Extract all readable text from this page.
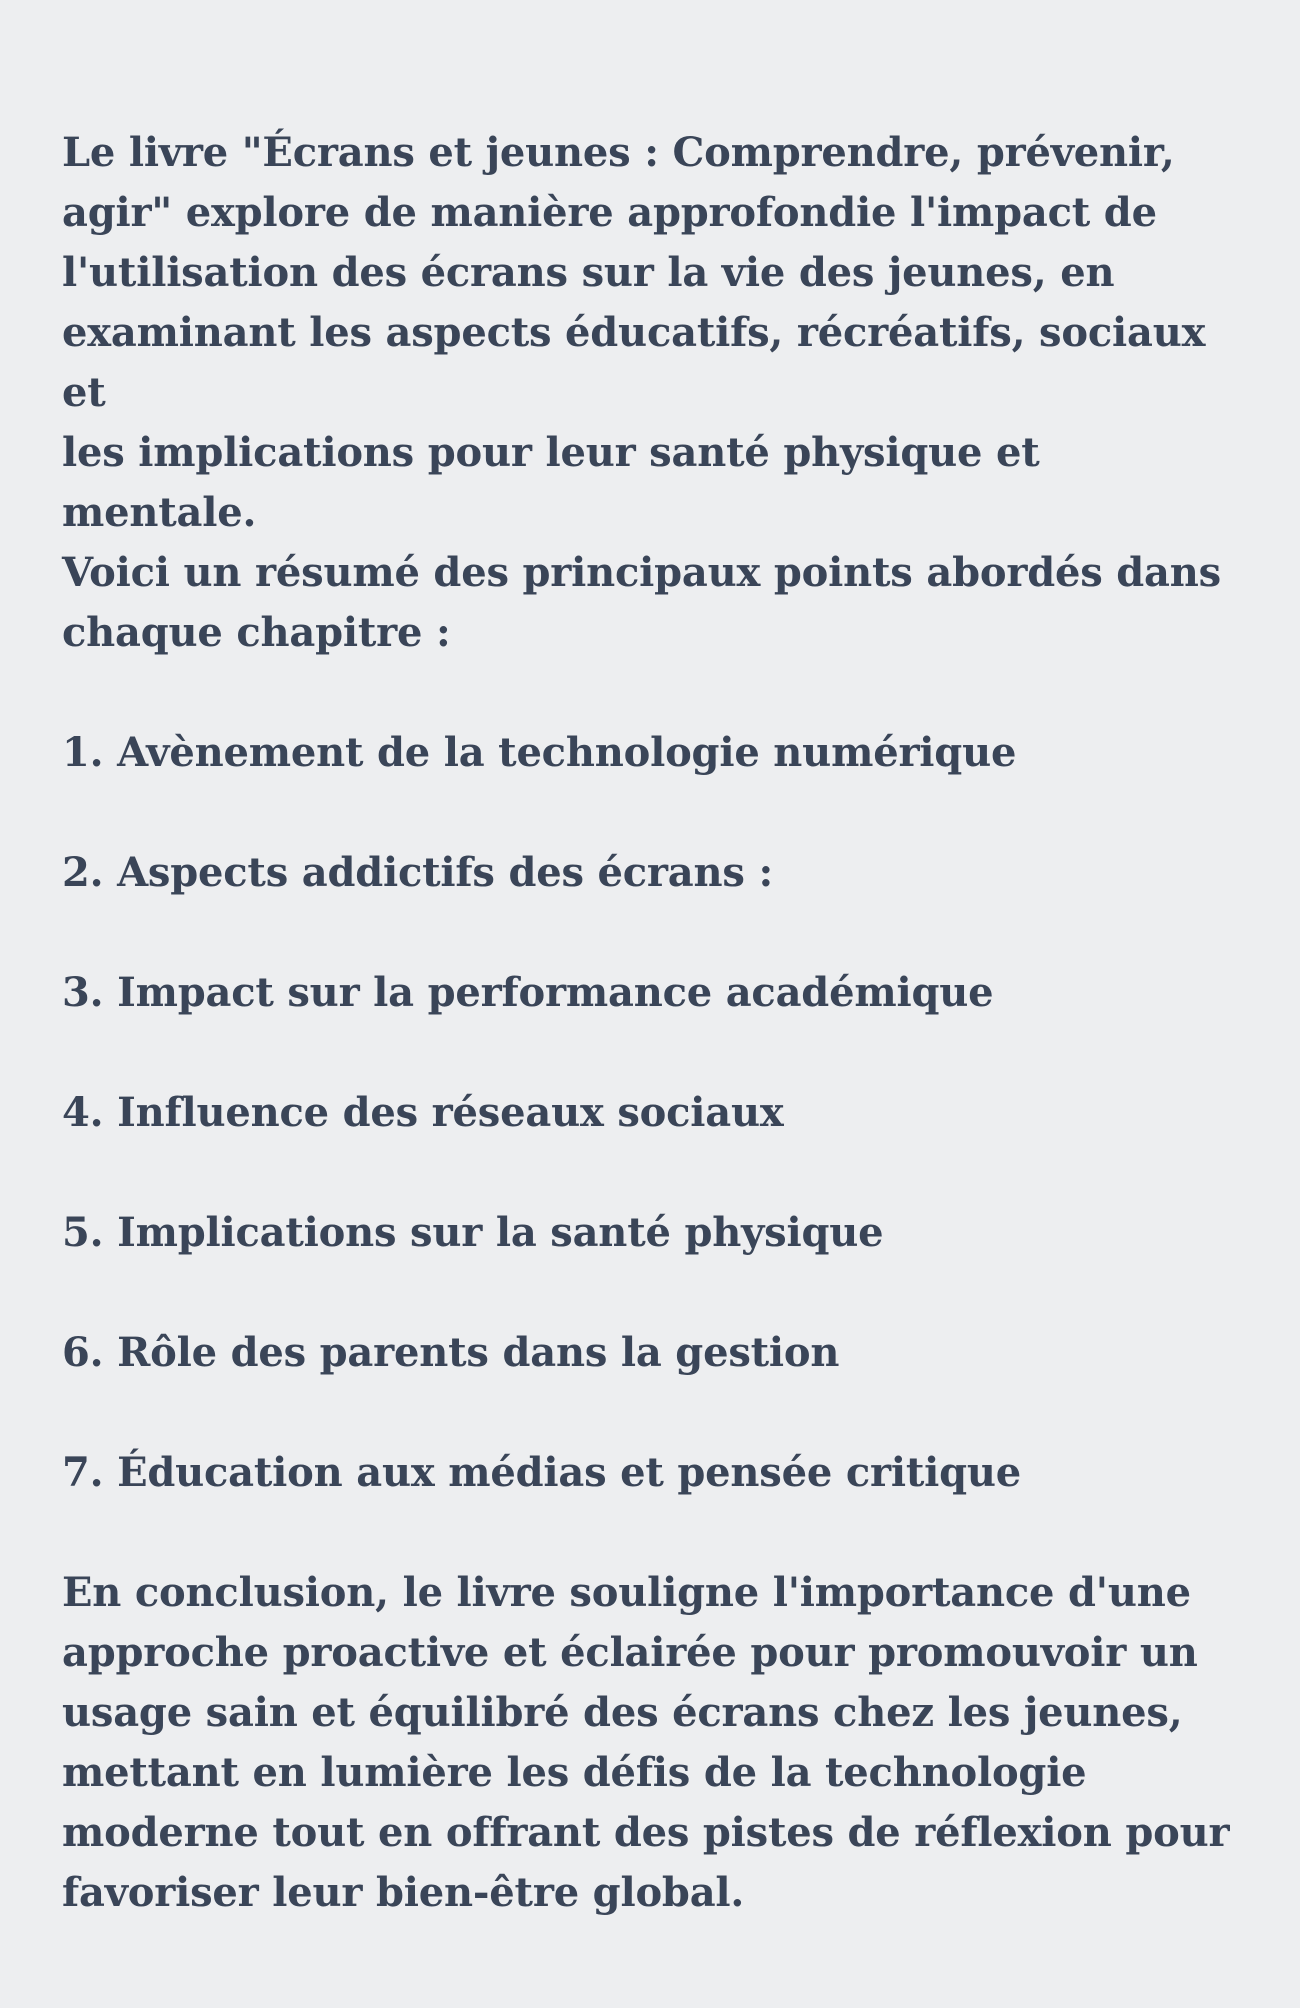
Le livre "Écrans et jeunes : Comprendre, prévenir,
agir" explore de manière approfondie l'impact de
l'utilisation des écrans sur la vie des jeunes, en
examinant les aspects éducatifs, récréatifs, sociaux et
les implications pour leur santé physique et mentale.
Voici un résumé des principaux points abordés dans
chaque chapitre :

1. Avènement de la technologie numérique
2. Aspects addictifs des écrans :
3. Impact sur la performance académique
4. Influence des réseaux sociaux
5. Implications sur la santé physique
6. Rôle des parents dans la gestion
7. Éducation aux médias et pensée critique

En conclusion, le livre souligne l'importance d'une
approche proactive et éclairée pour promouvoir un
usage sain et équilibré des écrans chez les jeunes,
mettant en lumière les défis de la technologie
moderne tout en offrant des pistes de réflexion pour
favoriser leur bien-être global.
